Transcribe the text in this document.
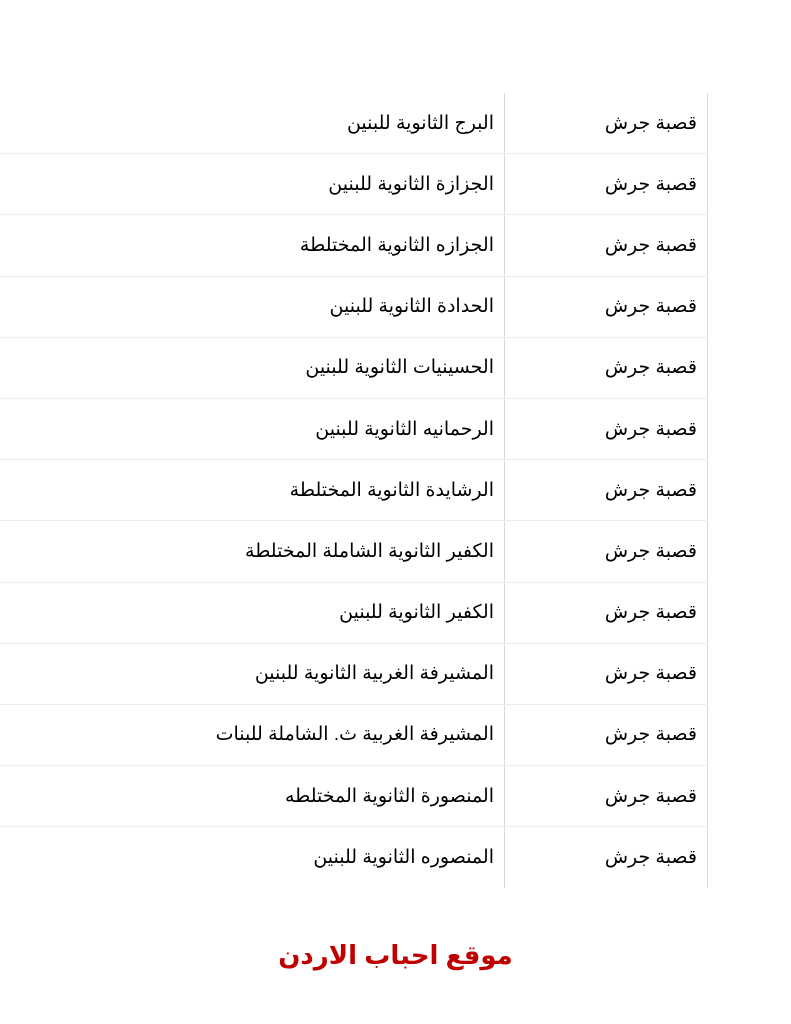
قصبة جرش
البرج الثانوية للبنين
قصبة جرش
الجزازة الثانوية للبنين
قصبة جرش
الجزازه الثانوية المختلطة
قصبة جرش
الحدادة الثانوية للبنين
قصبة جرش
الحسينيات الثانوية للبنين
قصبة جرش
الرحمانيه الثانوية للبنين
قصبة جرش
الرشايدة الثانوية المختلطة
قصبة جرش
الكفير الثانوية الشاملة المختلطة
قصبة جرش
الكفير الثانوية للبنين
قصبة جرش
المشيرفة الغربية الثانوية للبنين
قصبة جرش
المشيرفة الغربية ث. الشاملة للبنات
قصبة جرش
المنصورة الثانوية المختلطه
قصبة جرش
المنصوره الثانوية للبنين
موقع احباب الاردن
